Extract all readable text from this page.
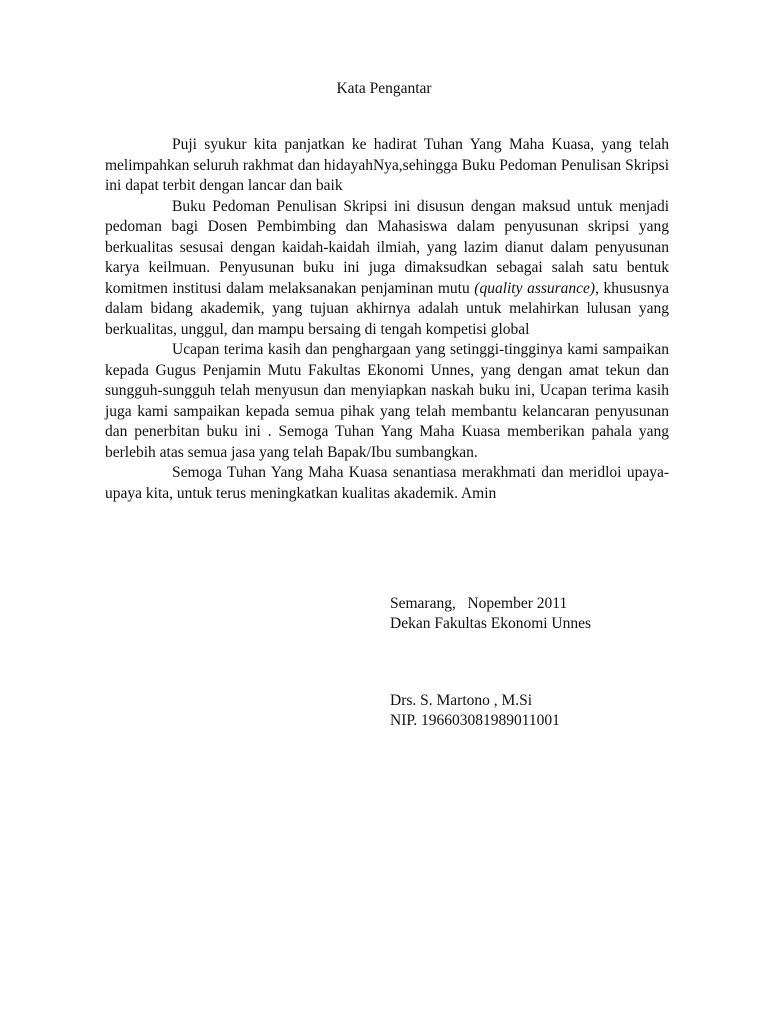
Kata Pengantar

Puji syukur kita panjatkan ke hadirat Tuhan Yang Maha Kuasa, yang telah melimpahkan seluruh rakhmat dan hidayahNya,sehingga Buku Pedoman Penulisan Skripsi ini dapat terbit dengan lancar dan baik

Buku Pedoman Penulisan Skripsi ini disusun dengan maksud untuk menjadi pedoman bagi Dosen Pembimbing dan Mahasiswa dalam penyusunan skripsi yang berkualitas sesusai dengan kaidah-kaidah ilmiah, yang lazim dianut dalam penyusunan karya keilmuan. Penyusunan buku ini juga dimaksudkan sebagai salah satu bentuk komitmen institusi dalam melaksanakan penjaminan mutu (quality assurance), khususnya dalam bidang akademik, yang tujuan akhirnya adalah untuk melahirkan lulusan yang berkualitas, unggul, dan mampu bersaing di tengah kompetisi global

Ucapan terima kasih dan penghargaan yang setinggi-tingginya kami sampaikan kepada Gugus Penjamin Mutu Fakultas Ekonomi Unnes, yang dengan amat tekun dan sungguh-sungguh telah menyusun dan menyiapkan naskah buku ini, Ucapan terima kasih juga kami sampaikan kepada semua pihak yang telah membantu kelancaran penyusunan dan penerbitan buku ini . Semoga Tuhan Yang Maha Kuasa memberikan pahala yang berlebih atas semua jasa yang telah Bapak/Ibu sumbangkan.

Semoga Tuhan Yang Maha Kuasa senantiasa merakhmati dan meridloi upaya-upaya kita, untuk terus meningkatkan kualitas akademik. Amin

Semarang,   Nopember 2011
Dekan Fakultas Ekonomi Unnes
Drs. S. Martono , M.Si
NIP. 196603081989011001
